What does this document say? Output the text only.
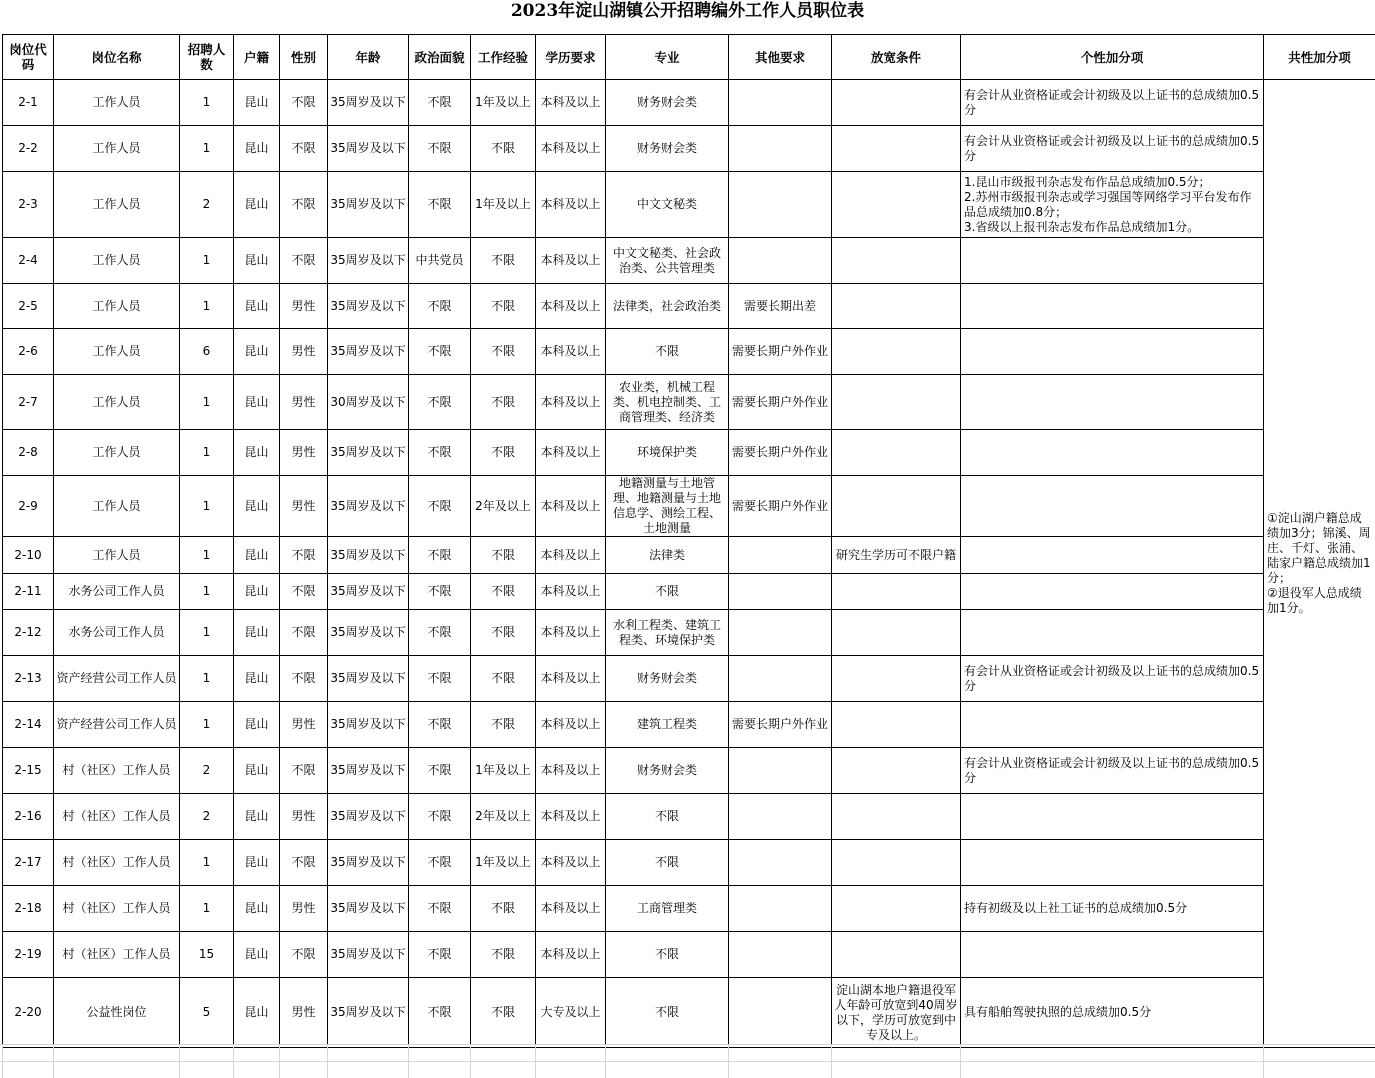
2023年淀山湖镇公开招聘编外工作人员职位表
岗位代码	岗位名称	招聘人数	户籍	性别	年龄	政治面貌	工作经验	学历要求	专业	其他要求	放宽条件	个性加分项	共性加分项
2-1	工作人员	1	昆山	不限	35周岁及以下	不限	1年及以上	本科及以上	财务财会类			有会计从业资格证或会计初级及以上证书的总成绩加0.5分	①淀山湖户籍总成绩加3分；锦溪、周庄、千灯、张浦、陆家户籍总成绩加1分；
②退役军人总成绩加1分。
2-2	工作人员	1	昆山	不限	35周岁及以下	不限	不限	本科及以上	财务财会类			有会计从业资格证或会计初级及以上证书的总成绩加0.5分	
2-3	工作人员	2	昆山	不限	35周岁及以下	不限	1年及以上	本科及以上	中文文秘类			1.昆山市级报刊杂志发布作品总成绩加0.5分；
2.苏州市级报刊杂志或学习强国等网络学习平台发布作品总成绩加0.8分；
3.省级以上报刊杂志发布作品总成绩加1分。	
2-4	工作人员	1	昆山	不限	35周岁及以下	中共党员	不限	本科及以上	中文文秘类、社会政治类、公共管理类				
2-5	工作人员	1	昆山	男性	35周岁及以下	不限	不限	本科及以上	法律类，社会政治类	需要长期出差			
2-6	工作人员	6	昆山	男性	35周岁及以下	不限	不限	本科及以上	不限	需要长期户外作业			
2-7	工作人员	1	昆山	男性	30周岁及以下	不限	不限	本科及以上	农业类，机械工程类、机电控制类、工商管理类、经济类	需要长期户外作业			
2-8	工作人员	1	昆山	男性	35周岁及以下	不限	不限	本科及以上	环境保护类	需要长期户外作业			
2-9	工作人员	1	昆山	男性	35周岁及以下	不限	2年及以上	本科及以上	地籍测量与土地管理、地籍测量与土地信息学、测绘工程、土地测量	需要长期户外作业			
2-10	工作人员	1	昆山	不限	35周岁及以下	不限	不限	本科及以上	法律类		研究生学历可不限户籍		
2-11	水务公司工作人员	1	昆山	不限	35周岁及以下	不限	不限	本科及以上	不限				
2-12	水务公司工作人员	1	昆山	不限	35周岁及以下	不限	不限	本科及以上	水利工程类、建筑工程类、环境保护类				
2-13	资产经营公司工作人员	1	昆山	不限	35周岁及以下	不限	不限	本科及以上	财务财会类			有会计从业资格证或会计初级及以上证书的总成绩加0.5分	
2-14	资产经营公司工作人员	1	昆山	男性	35周岁及以下	不限	不限	本科及以上	建筑工程类	需要长期户外作业			
2-15	村（社区）工作人员	2	昆山	不限	35周岁及以下	不限	1年及以上	本科及以上	财务财会类			有会计从业资格证或会计初级及以上证书的总成绩加0.5分	
2-16	村（社区）工作人员	2	昆山	男性	35周岁及以下	不限	2年及以上	本科及以上	不限				
2-17	村（社区）工作人员	1	昆山	不限	35周岁及以下	不限	1年及以上	本科及以上	不限				
2-18	村（社区）工作人员	1	昆山	男性	35周岁及以下	不限	不限	本科及以上	工商管理类			持有初级及以上社工证书的总成绩加0.5分	
2-19	村（社区）工作人员	15	昆山	不限	35周岁及以下	不限	不限	本科及以上	不限				
2-20	公益性岗位	5	昆山	男性	35周岁及以下	不限	不限	大专及以上	不限		淀山湖本地户籍退役军人年龄可放宽到40周岁以下，学历可放宽到中专及以上。	具有船舶驾驶执照的总成绩加0.5分	
